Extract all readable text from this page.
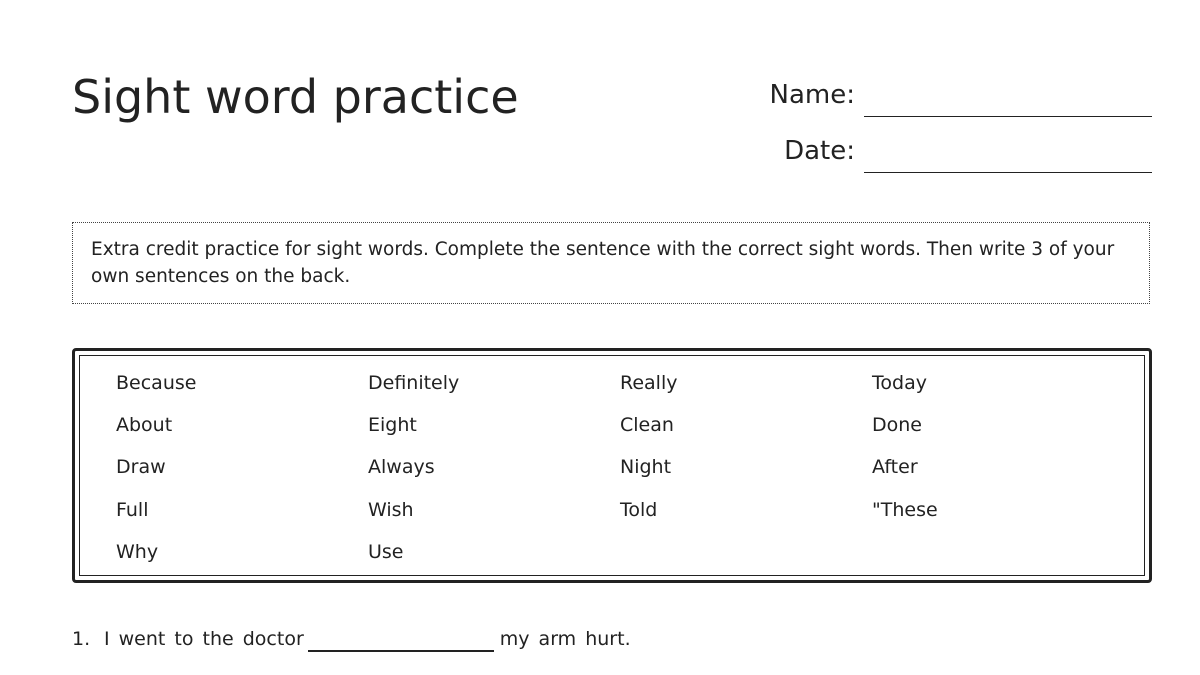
Sight word practice	Name:
Date:
Extra credit practice for sight words. Complete the sentence with the correct sight words. Then write 3 of your own sentences on the back.
Because
About
Draw
Full
Why
Definitely
Eight
Always
Wish
Use
Really
Clean
Night
Told
Today
Done
After
"These
1. I went to the doctor	my arm hurt.
